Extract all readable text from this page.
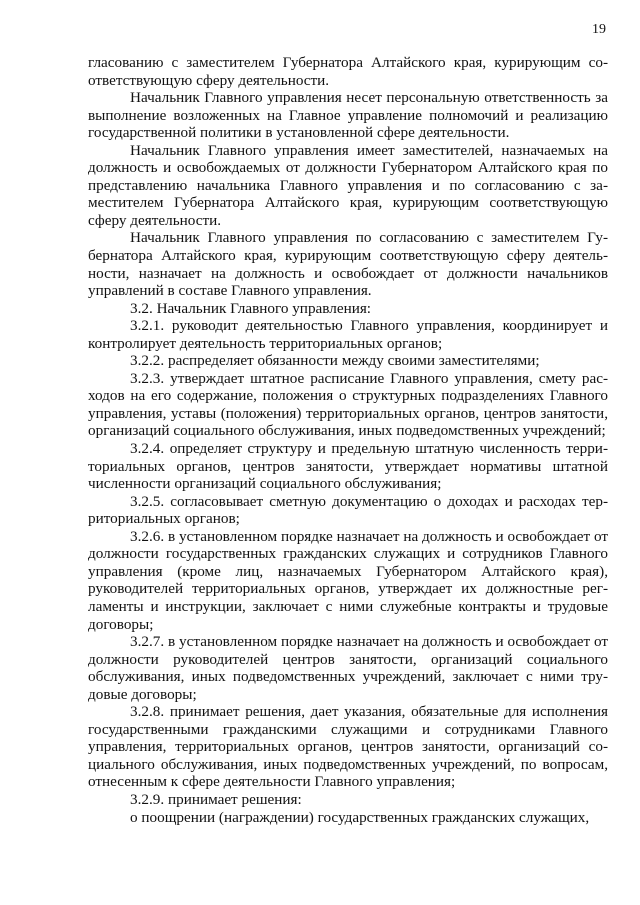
19

гласованию с заместителем Губернатора Алтайского края, курирующим соответствующую сферу деятельности.

Начальник Главного управления несет персональную ответственность за выполнение возложенных на Главное управление полномочий и реализацию государственной политики в установленной сфере деятельности.

Начальник Главного управления имеет заместителей, назначаемых на должность и освобождаемых от должности Губернатором Алтайского края по представлению начальника Главного управления и по согласованию с заместителем Губернатора Алтайского края, курирующим соответствующую сферу деятельности.

Начальник Главного управления по согласованию с заместителем Губернатора Алтайского края, курирующим соответствующую сферу деятельности, назначает на должность и освобождает от должности начальников управлений в составе Главного управления.

3.2. Начальник Главного управления:

3.2.1. руководит деятельностью Главного управления, координирует и контролирует деятельность территориальных органов;

3.2.2. распределяет обязанности между своими заместителями;

3.2.3. утверждает штатное расписание Главного управления, смету расходов на его содержание, положения о структурных подразделениях Главного управления, уставы (положения) территориальных органов, центров занятости, организаций социального обслуживания, иных подведомственных учреждений;

3.2.4. определяет структуру и предельную штатную численность территориальных органов, центров занятости, утверждает нормативы штатной численности организаций социального обслуживания;

3.2.5. согласовывает сметную документацию о доходах и расходах территориальных органов;

3.2.6. в установленном порядке назначает на должность и освобождает от должности государственных гражданских служащих и сотрудников Главного управления (кроме лиц, назначаемых Губернатором Алтайского края), руководителей территориальных органов, утверждает их должностные регламенты и инструкции, заключает с ними служебные контракты и трудовые договоры;

3.2.7. в установленном порядке назначает на должность и освобождает от должности руководителей центров занятости, организаций социального обслуживания, иных подведомственных учреждений, заключает с ними трудовые договоры;

3.2.8. принимает решения, дает указания, обязательные для исполнения государственными гражданскими служащими и сотрудниками Главного управления, территориальных органов, центров занятости, организаций социального обслуживания, иных подведомственных учреждений, по вопросам, отнесенным к сфере деятельности Главного управления;

3.2.9. принимает решения:

о поощрении (награждении) государственных гражданских служащих,
